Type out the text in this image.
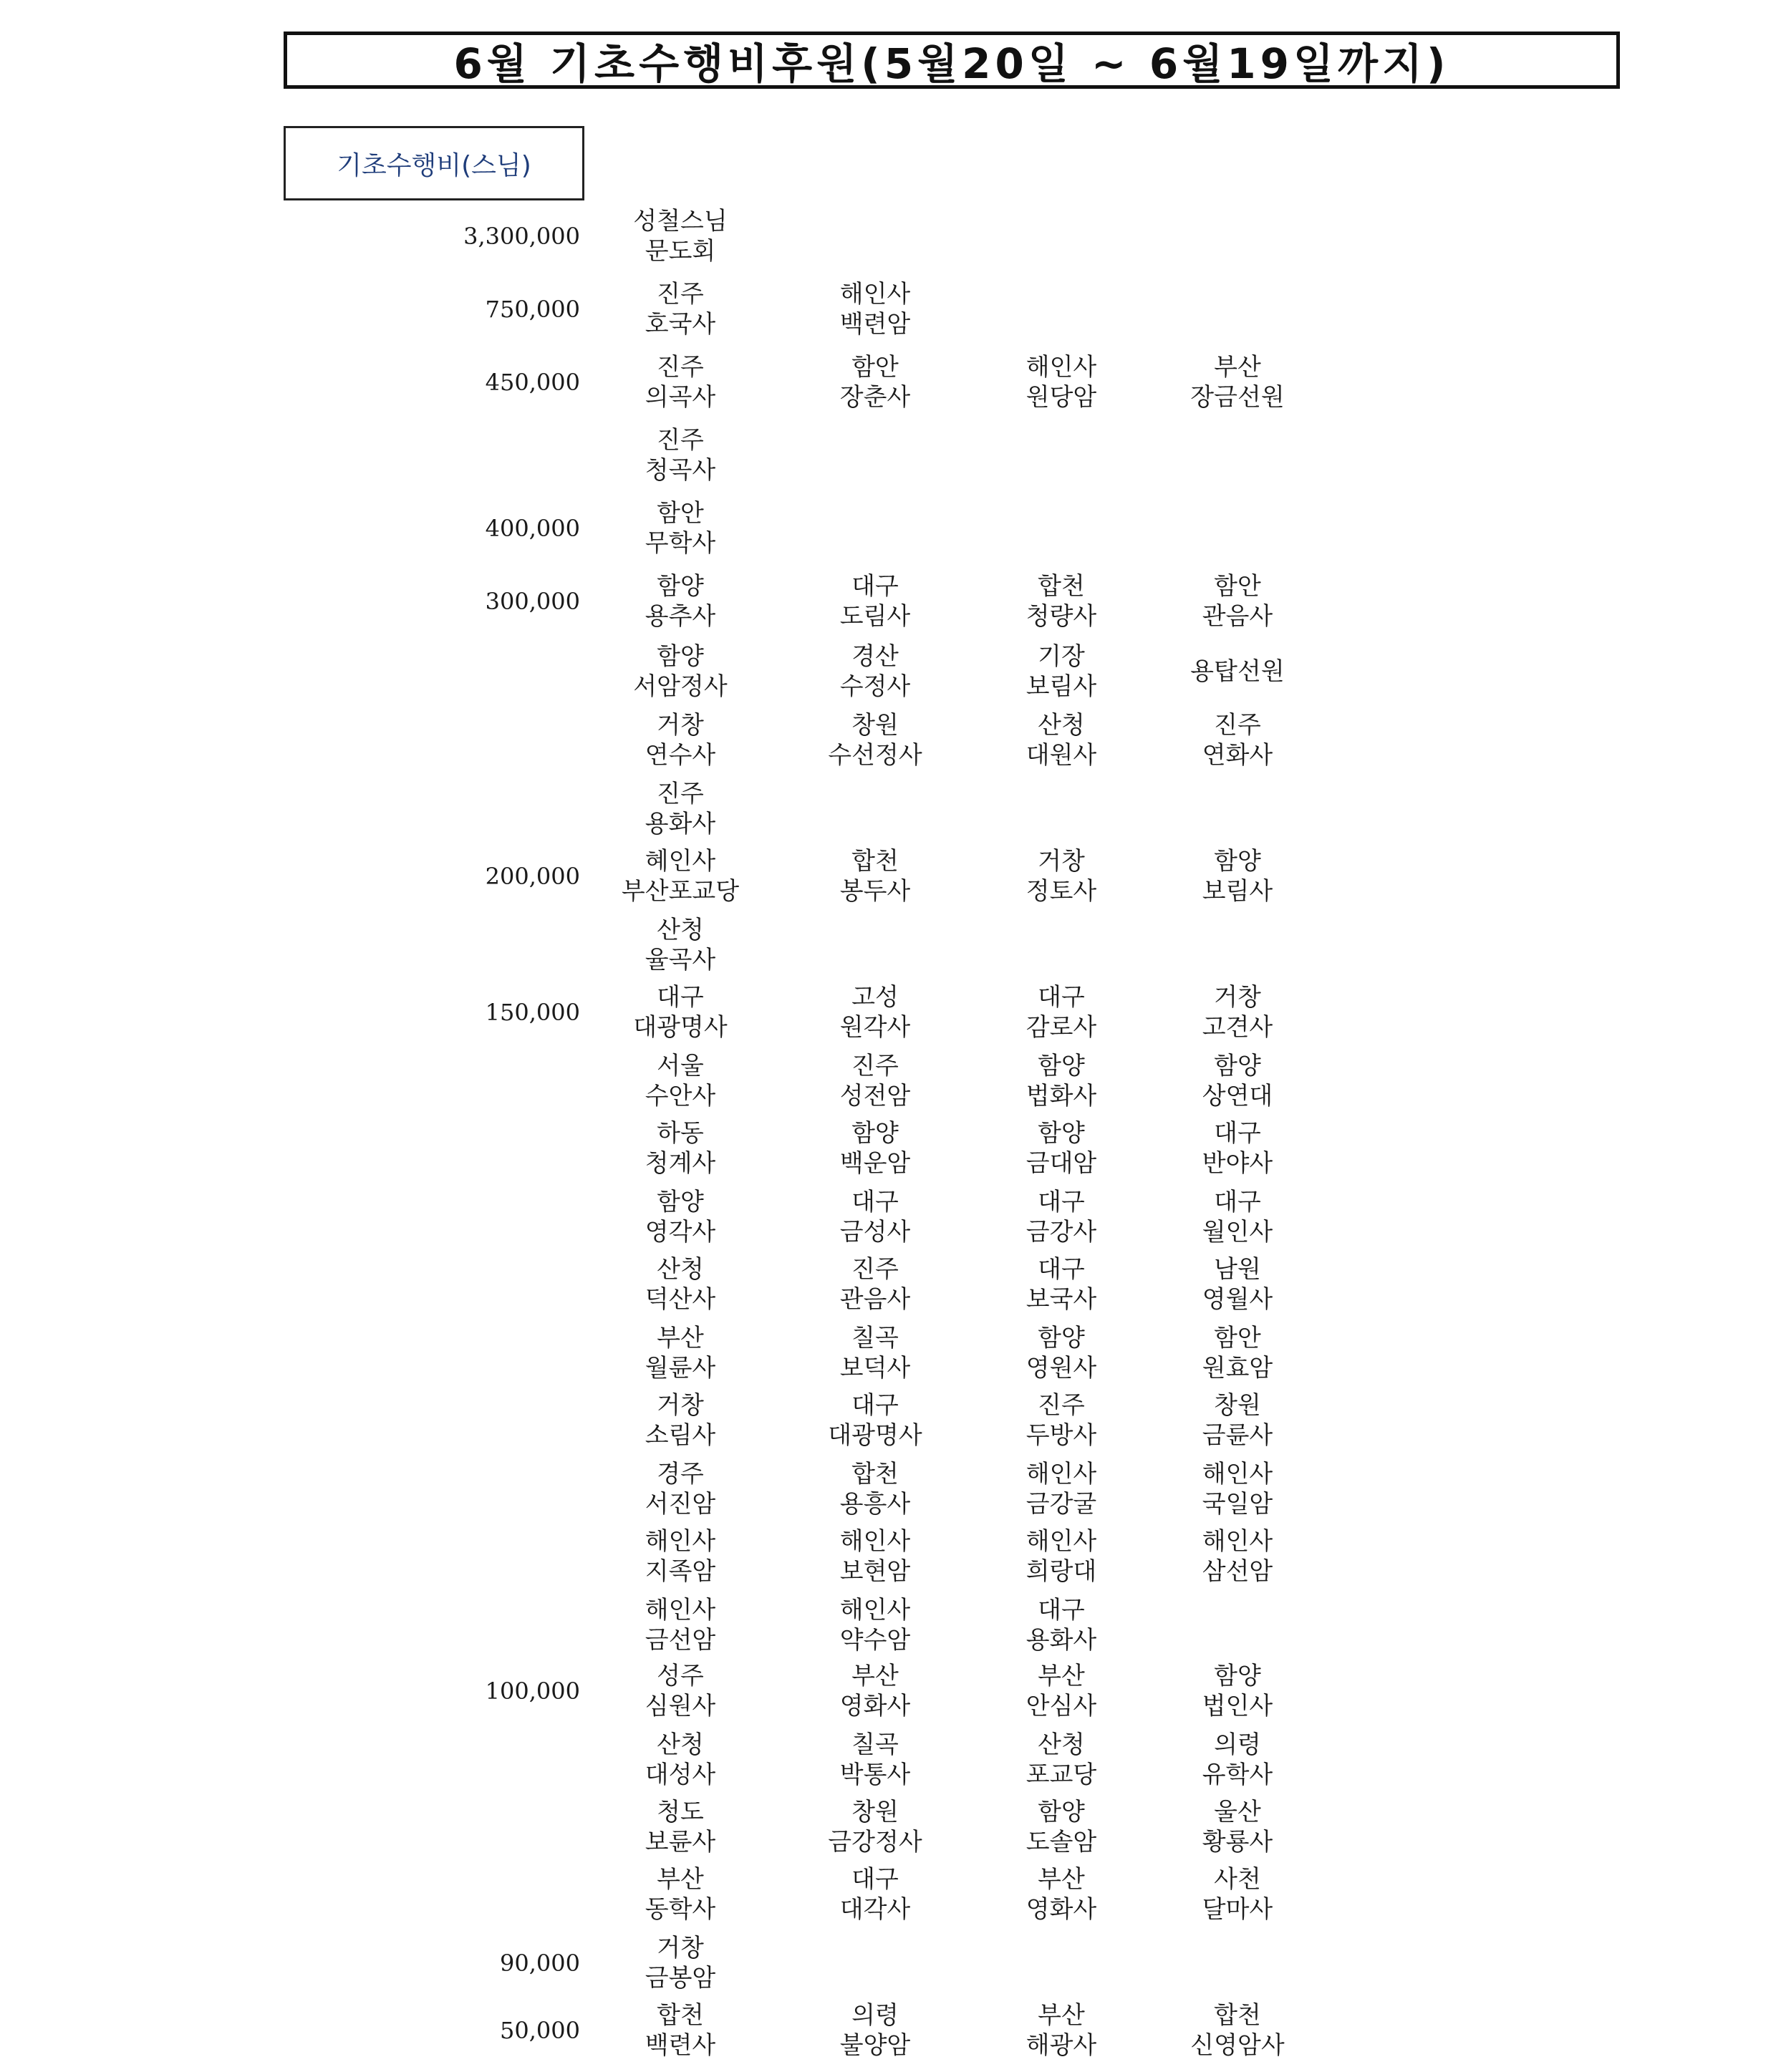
6월 기초수행비후원(5월20일 ~ 6월19일까지)
기초수행비(스님)
3,300,000
성철스님
문도회
750,000
진주
호국사
해인사
백련암
450,000
진주
의곡사
함안
장춘사
해인사
원당암
부산
장금선원
진주
청곡사
400,000
함안
무학사
300,000
함양
용추사
대구
도림사
합천
청량사
함안
관음사
함양
서암정사
경산
수정사
기장
보림사
용탑선원
거창
연수사
창원
수선정사
산청
대원사
진주
연화사
진주
용화사
200,000
혜인사
부산포교당
합천
봉두사
거창
정토사
함양
보림사
산청
율곡사
150,000
대구
대광명사
고성
원각사
대구
감로사
거창
고견사
서울
수안사
진주
성전암
함양
법화사
함양
상연대
하동
청계사
함양
백운암
함양
금대암
대구
반야사
함양
영각사
대구
금성사
대구
금강사
대구
월인사
산청
덕산사
진주
관음사
대구
보국사
남원
영월사
부산
월륜사
칠곡
보덕사
함양
영원사
함안
원효암
거창
소림사
대구
대광명사
진주
두방사
창원
금륜사
경주
서진암
합천
용흥사
해인사
금강굴
해인사
국일암
해인사
지족암
해인사
보현암
해인사
희랑대
해인사
삼선암
해인사
금선암
해인사
약수암
대구
용화사
100,000
성주
심원사
부산
영화사
부산
안심사
함양
법인사
산청
대성사
칠곡
박통사
산청
포교당
의령
유학사
청도
보륜사
창원
금강정사
함양
도솔암
울산
황룡사
부산
동학사
대구
대각사
부산
영화사
사천
달마사
90,000
거창
금봉암
50,000
합천
백련사
의령
불양암
부산
해광사
합천
신영암사
